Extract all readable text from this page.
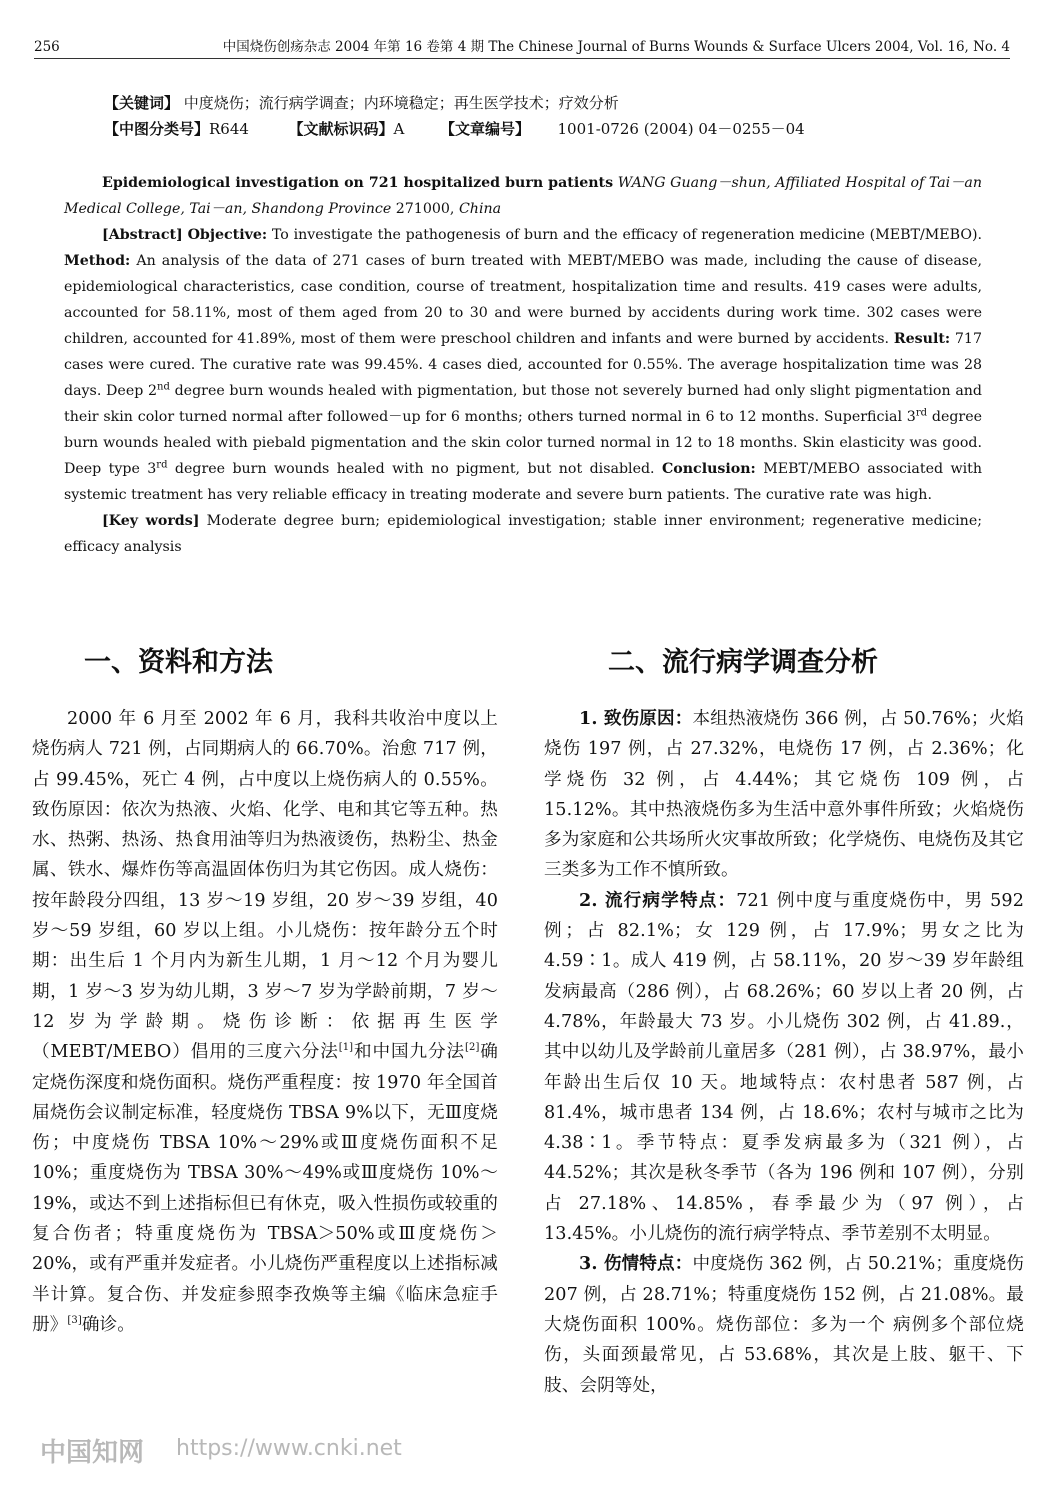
256	中国烧伤创疡杂志 2004 年第 16 卷第 4 期 The Chinese Journal of Burns Wounds & Surface Ulcers 2004, Vol. 16, No. 4
【关键词】 中度烧伤；流行病学调查；内环境稳定；再生医学技术；疗效分析
【中图分类号】R644	【文献标识码】A 【文章编号】 1001-0726 (2004) 04－0255－04
Epidemiological investigation on 721 hospitalized burn patients WANG Guang－shun, Affiliated Hospital of Tai－an Medical College, Tai－an, Shandong Province 271000, China
[Abstract] Objective: To investigate the pathogenesis of burn and the efficacy of regeneration medicine (MEBT/MEBO). Method: An analysis of the data of 271 cases of burn treated with MEBT/MEBO was made, including the cause of disease, epidemiological characteristics, case condition, course of treatment, hospitalization time and results. 419 cases were adults, accounted for 58.11%, most of them aged from 20 to 30 and were burned by accidents during work time. 302 cases were children, accounted for 41.89%, most of them were preschool children and infants and were burned by accidents. Result: 717 cases were cured. The curative rate was 99.45%. 4 cases died, accounted for 0.55%. The average hospitalization time was 28 days. Deep 2nd degree burn wounds healed with pigmentation, but those not severely burned had only slight pigmentation and their skin color turned normal after followed－up for 6 months; others turned normal in 6 to 12 months. Superficial 3rd degree burn wounds healed with piebald pigmentation and the skin color turned normal in 12 to 18 months. Skin elasticity was good. Deep type 3rd degree burn wounds healed with no pigment, but not disabled. Conclusion: MEBT/MEBO associated with systemic treatment has very reliable efficacy in treating moderate and severe burn patients. The curative rate was high.
[Key words] Moderate degree burn; epidemiological investigation; stable inner environment; regenerative medicine; efficacy analysis
一、资料和方法	二、流行病学调查分析

2000 年 6 月至 2002 年 6 月，我科共收治中度以上烧伤病人 721 例，占同期病人的 66.70%。治愈 717 例，占 99.45%，死亡 4 例，占中度以上烧伤病人的 0.55%。致伤原因：依次为热液、火焰、化学、电和其它等五种。热水、热粥、热汤、热食用油等归为热液烫伤，热粉尘、热金属、铁水、爆炸伤等高温固体伤归为其它伤因。成人烧伤：按年龄段分四组，13 岁～19 岁组，20 岁～39 岁组，40 岁～59 岁组，60 岁以上组。小儿烧伤：按年龄分五个时期：出生后 1 个月内为新生儿期，1 月～12 个月为婴儿期，1 岁～3 岁为幼儿期，3 岁～7 岁为学龄前期，7 岁～12 岁为学龄期。烧伤诊断：依据再生医学（MEBT/MEBO）倡用的三度六分法[1]和中国九分法[2]确定烧伤深度和烧伤面积。烧伤严重程度：按 1970 年全国首届烧伤会议制定标准，轻度烧伤 TBSA 9%以下，无Ⅲ度烧伤；中度烧伤 TBSA 10%～29%或Ⅲ度烧伤面积不足 10%；重度烧伤为 TBSA 30%～49%或Ⅲ度烧伤 10%～19%，或达不到上述指标但已有休克，吸入性损伤或较重的复合伤者；特重度烧伤为 TBSA＞50%或Ⅲ度烧伤＞20%，或有严重并发症者。小儿烧伤严重程度以上述指标减半计算。复合伤、并发症参照李孜焕等主编《临床急症手册》[3]确诊。

1. 致伤原因：本组热液烧伤 366 例，占 50.76%；火焰烧伤 197 例，占 27.32%，电烧伤 17 例，占 2.36%；化学烧伤 32 例，占 4.44%；其它烧伤 109 例，占 15.12%。其中热液烧伤多为生活中意外事件所致；火焰烧伤多为家庭和公共场所火灾事故所致；化学烧伤、电烧伤及其它三类多为工作不慎所致。

2. 流行病学特点：721 例中度与重度烧伤中，男 592 例；占 82.1%；女 129 例，占 17.9%；男女之比为 4.59∶1。成人 419 例，占 58.11%，20 岁～39 岁年龄组发病最高（286 例），占 68.26%；60 岁以上者 20 例，占 4.78%，年龄最大 73 岁。小儿烧伤 302 例，占 41.89.，其中以幼儿及学龄前儿童居多（281 例），占 38.97%，最小年龄出生后仅 10 天。地域特点：农村患者 587 例，占 81.4%，城市患者 134 例，占 18.6%；农村与城市之比为 4.38∶1。季节特点：夏季发病最多为（321 例），占 44.52%；其次是秋冬季节（各为 196 例和 107 例），分别占 27.18%、14.85%，春季最少为（97 例），占 13.45%。小儿烧伤的流行病学特点、季节差别不太明显。

3. 伤情特点：中度烧伤 362 例，占 50.21%；重度烧伤 207 例，占 28.71%；特重度烧伤 152 例，占 21.08%。最大烧伤面积 100%。烧伤部位：多为一个 病例多个部位烧伤，头面颈最常见，占 53.68%，其次是上肢、躯干、下肢、会阴等处，

中国知网 https://www.cnki.net
